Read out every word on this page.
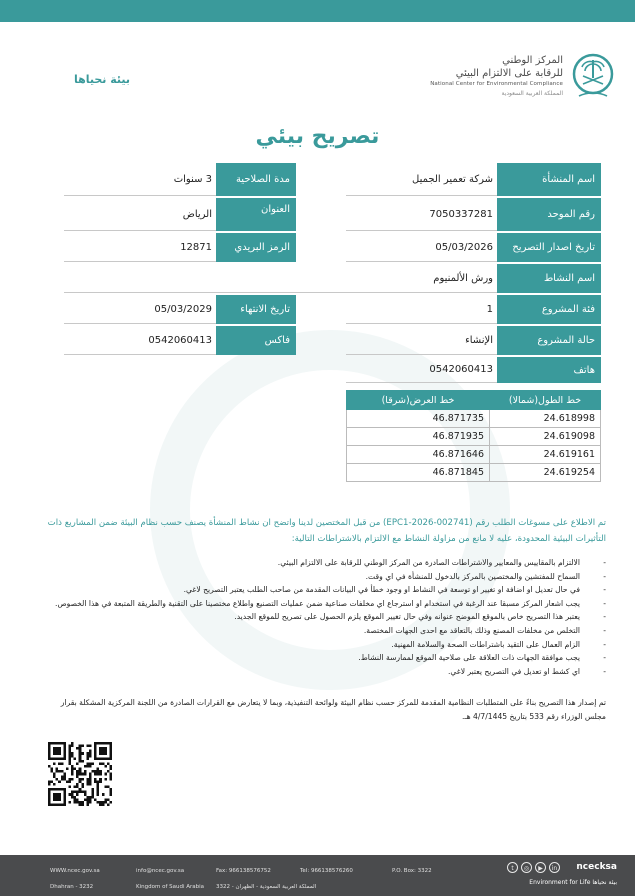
المركز الوطني
للرقابة على الالتزام البيئي
National Center for Environmental Compliance
المملكة العربية السعودية
بيئة نحياها
تصريح بيئي
اسم المنشأة
شركة تعمير الجميل
رقم الموحد
7050337281
تاريخ اصدار التصريح
05/03/2026
اسم النشاط
ورش الألمنيوم
فئة المشروع
1
حالة المشروع
الإنشاء
هاتف
0542060413
مدة الصلاحية
3 سنوات
العنوان
الرياض
الرمز البريدي
12871
تاريخ الانتهاء
05/03/2029
فاكس
0542060413
خط العرض(شرقا)	خط الطول(شمالا)
46.871735	24.618998
46.871935	24.619098
46.871646	24.619161
46.871845	24.619254
تم الاطلاع على مسوغات الطلب رقم (EPC1-2026-002741) من قبل المختصين لدينا واتضح ان نشاط المنشأة يصنف حسب نظام البيئة ضمن المشاريع ذات التأثيرات البيئية المحدودة، عليه لا مانع من مزاولة النشاط مع الالتزام بالاشتراطات التالية:
- الالتزام بالمقاييس والمعايير والاشتراطات الصادرة من المركز الوطني للرقابة على الالتزام البيئي.
- السماح للمفتشين والمختصين بالمركز بالدخول للمنشأة في اي وقت.
- في حال تعديل او اضافة او تغيير او توسعة في النشاط او وجود خطأ في البيانات المقدمة من صاحب الطلب يعتبر التصريح لاغي.
- يجب اشعار المركز مسبقا عند الرغبة في استخدام او استرجاع اي مخلفات صناعية ضمن عمليات التصنيع واطلاع مختصينا على التقنية والطريقة المتبعة في هذا الخصوص.
- يعتبر هذا التصريح خاص بالموقع الموضح عنوانه وفي حال تغيير الموقع يلزم الحصول على تصريح للموقع الجديد.
- التخلص من مخلفات المصنع وذلك بالتعاقد مع احدى الجهات المختصة.
- الزام العمال على التقيد باشتراطات الصحة والسلامة المهنية.
- يجب موافقة الجهات ذات العلاقة على صلاحية الموقع لممارسة النشاط.
- اي كشط او تعديل في التصريح يعتبر لاغي.
تم إصدار هذا التصريح بناءً على المتطلبات النظامية المقدمة للمركز حسب نظام البيئة ولوائحة التنفيذية، وبما لا يتعارض مع القرارات الصادرة من اللجنة المركزية المشكلة بقرار مجلس الوزراء رقم 533 بتاريخ 4/7/1445 هـ.
WWW.ncec.gov.sa
Dhahran - 3232
info@ncec.gov.sa
Kingdom of Saudi Arabia
Fax: 966138576752
المملكة العربية السعودية - الظهران - 3322
Tel: 966138576260	P.O. Box: 3322	t	◎	▶	in	ncecksa
Environment for Life بيئة نحياها
